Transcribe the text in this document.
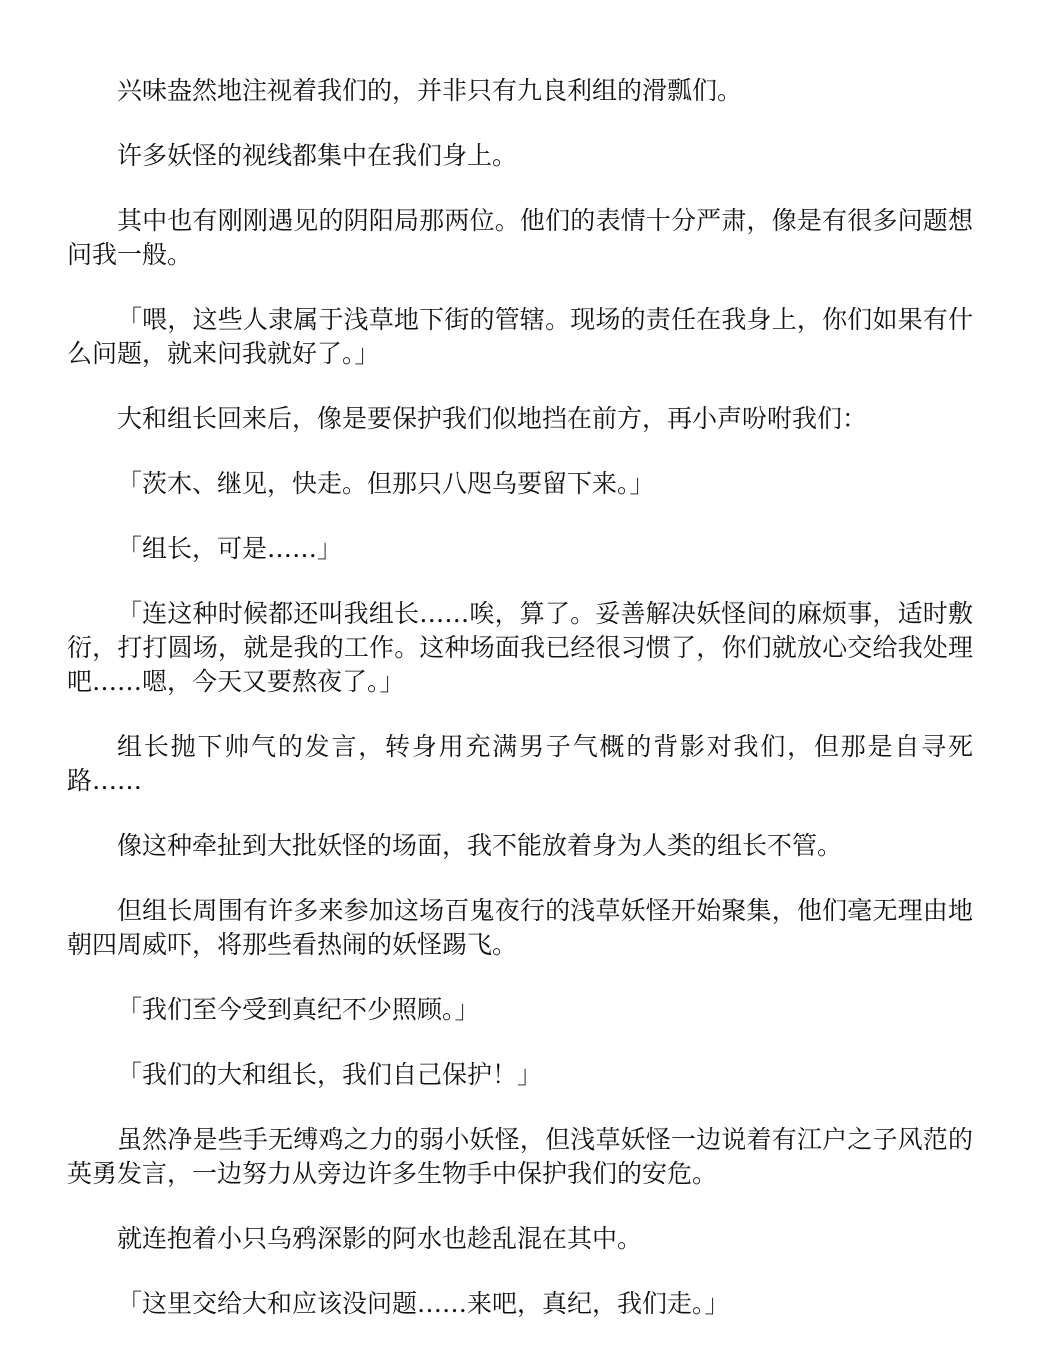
兴味盎然地注视着我们的，并非只有九良利组的滑瓢们。

许多妖怪的视线都集中在我们身上。

其中也有刚刚遇见的阴阳局那两位。他们的表情十分严肃，像是有很多问题想问我一般。

「喂，这些人隶属于浅草地下街的管辖。现场的责任在我身上，你们如果有什么问题，就来问我就好了。」

大和组长回来后，像是要保护我们似地挡在前方，再小声吩咐我们：

「茨木、继见，快走。但那只八咫乌要留下来。」

「组长，可是……」

「连这种时候都还叫我组长……唉，算了。妥善解决妖怪间的麻烦事，适时敷衍，打打圆场，就是我的工作。这种场面我已经很习惯了，你们就放心交给我处理吧……嗯，今天又要熬夜了。」

组长抛下帅气的发言，转身用充满男子气概的背影对我们，但那是自寻死路……

像这种牵扯到大批妖怪的场面，我不能放着身为人类的组长不管。

但组长周围有许多来参加这场百鬼夜行的浅草妖怪开始聚集，他们毫无理由地朝四周威吓，将那些看热闹的妖怪踢飞。

「我们至今受到真纪不少照顾。」

「我们的大和组长，我们自己保护！」

虽然净是些手无缚鸡之力的弱小妖怪，但浅草妖怪一边说着有江户之子风范的英勇发言，一边努力从旁边许多生物手中保护我们的安危。

就连抱着小只乌鸦深影的阿水也趁乱混在其中。

「这里交给大和应该没问题……来吧，真纪，我们走。」
